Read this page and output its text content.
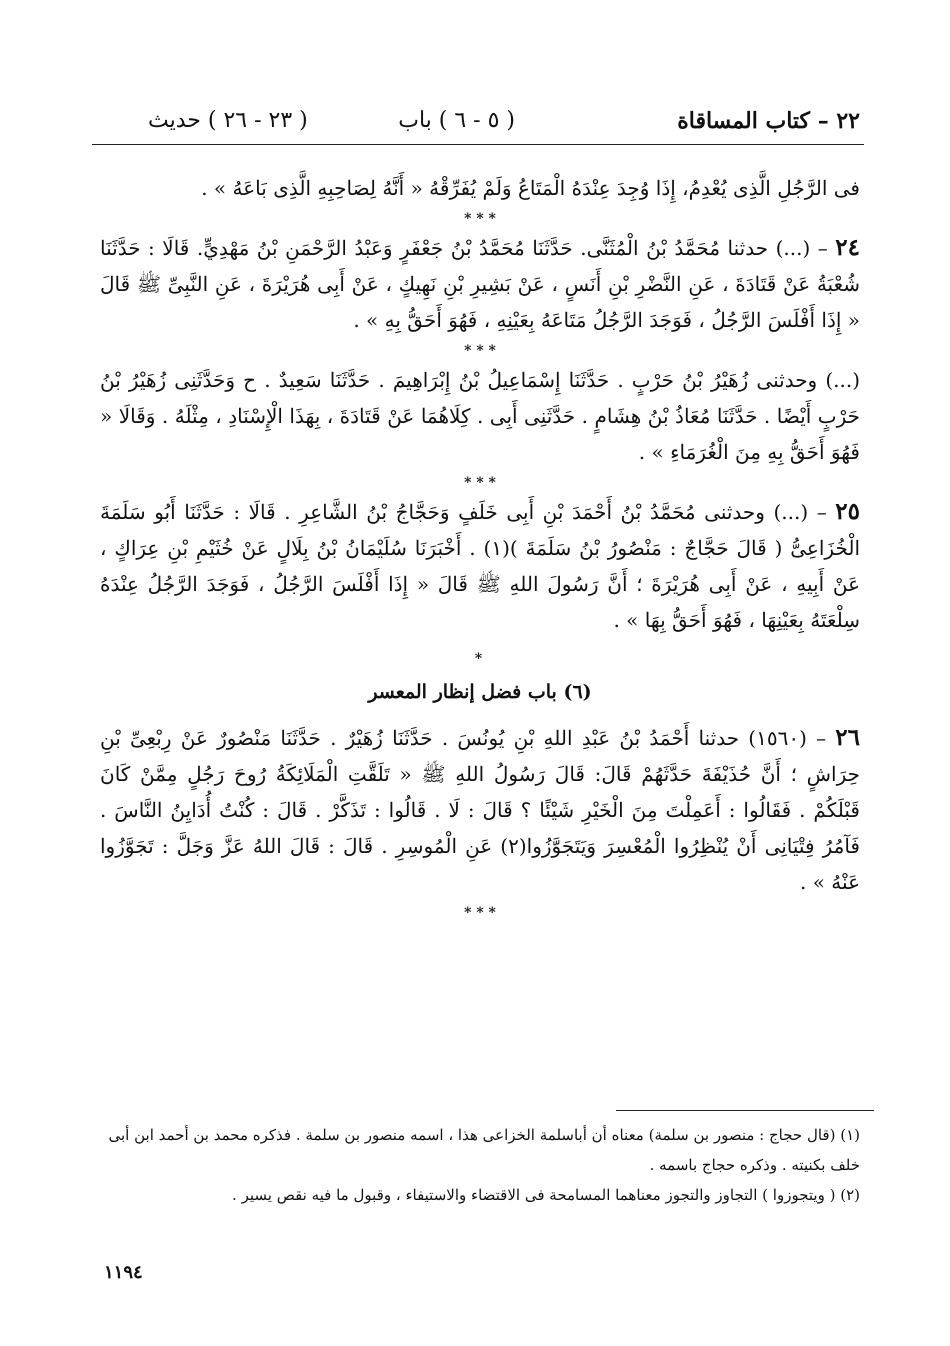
٢٢ – كتاب المساقاة
( ٥ - ٦ ) باب
( ٢٣ - ٢٦ ) حديث

فى الرَّجُلِ الَّذِى يُعْدِمُ، إِذَا وُجِدَ عِنْدَهُ الْمَتَاعُ وَلَمْ يُفَرِّقْهُ « أَنَّهُ لِصَاحِبِهِ الَّذِى بَاعَهُ » .

* * *

٢٤ – (...) حدثنا مُحَمَّدُ بْنُ الْمُثَنَّى. حَدَّثَنَا مُحَمَّدُ بْنُ جَعْفَرٍ وَعَبْدُ الرَّحْمَنِ بْنُ مَهْدِيٍّ. قَالَا : حَدَّثَنَا شُعْبَةُ عَنْ قَتَادَةَ ، عَنِ النَّضْرِ بْنِ أَنَسٍ ، عَنْ بَشِيرِ بْنِ نَهِيكٍ ، عَنْ أَبِى هُرَيْرَةَ ، عَنِ النَّبِىِّ ﷺ قَالَ « إِذَا أَفْلَسَ الرَّجُلُ ، فَوَجَدَ الرَّجُلُ مَتَاعَهُ بِعَيْنِهِ ، فَهُوَ أَحَقُّ بِهِ » .

* * *

(...) وحدثنى زُهَيْرُ بْنُ حَرْبٍ . حَدَّثَنَا إِسْمَاعِيلُ بْنُ إِبْرَاهِيمَ . حَدَّثَنَا سَعِيدٌ . ح وَحَدَّثَنِى زُهَيْرُ بْنُ حَرْبٍ أَيْضًا . حَدَّثَنَا مُعَاذُ بْنُ هِشَامٍ . حَدَّثَنِى أَبِى . كِلَاهُمَا عَنْ قَتَادَةَ ، بِهَذَا الْإِسْنَادِ ، مِثْلَهُ . وَقَالَا « فَهُوَ أَحَقُّ بِهِ مِنَ الْغُرَمَاءِ » .

* * *

٢٥ – (...) وحدثنى مُحَمَّدُ بْنُ أَحْمَدَ بْنِ أَبِى خَلَفٍ وَحَجَّاجُ بْنُ الشَّاعِرِ . قَالَا : حَدَّثَنَا أَبُو سَلَمَةَ الْخُزَاعِىُّ ( قَالَ حَجَّاجٌ : مَنْصُورُ بْنُ سَلَمَةَ )(١) . أَخْبَرَنَا سُلَيْمَانُ بْنُ بِلَالٍ عَنْ خُثَيْمِ بْنِ عِرَاكٍ ، عَنْ أَبِيهِ ، عَنْ أَبِى هُرَيْرَةَ ؛ أَنَّ رَسُولَ اللهِ ﷺ قَالَ « إِذَا أَفْلَسَ الرَّجُلُ ، فَوَجَدَ الرَّجُلُ عِنْدَهُ سِلْعَتَهُ بِعَيْنِهَا ، فَهُوَ أَحَقُّ بِهَا » .

*
(٦) باب فضل إنظار المعسر

٢٦ – (١٥٦٠) حدثنا أَحْمَدُ بْنُ عَبْدِ اللهِ بْنِ يُونُسَ . حَدَّثَنَا زُهَيْرٌ . حَدَّثَنَا مَنْصُورٌ عَنْ رِبْعِىِّ بْنِ حِرَاشٍ ؛ أَنَّ حُذَيْفَةَ حَدَّثَهُمْ قَالَ: قَالَ رَسُولُ اللهِ ﷺ « تَلَقَّتِ الْمَلَائِكَةُ رُوحَ رَجُلٍ مِمَّنْ كَانَ قَبْلَكُمْ . فَقَالُوا : أَعَمِلْتَ مِنَ الْخَيْرِ شَيْئًا ؟ قَالَ : لَا . قَالُوا : تَذَكَّرْ . قَالَ : كُنْتُ أُدَايِنُ النَّاسَ . فَآمُرُ فِتْيَانِى أَنْ يُنْظِرُوا الْمُعْسِرَ وَيَتَجَوَّزُوا(٢) عَنِ الْمُوسِرِ . قَالَ : قَالَ اللهُ عَزَّ وَجَلَّ : تَجَوَّزُوا عَنْهُ » .

* * *

(١) (قال حجاج : منصور بن سلمة) معناه أن أباسلمة الخزاعى هذا ، اسمه منصور بن سلمة . فذكره محمد بن أحمد ابن أبى خلف بكنيته . وذكره حجاج باسمه .

(٢) ( ويتجوزوا ) التجاوز والتجوز معناهما المسامحة فى الاقتضاء والاستيفاء ، وقبول ما فيه نقص يسير .

١١٩٤
